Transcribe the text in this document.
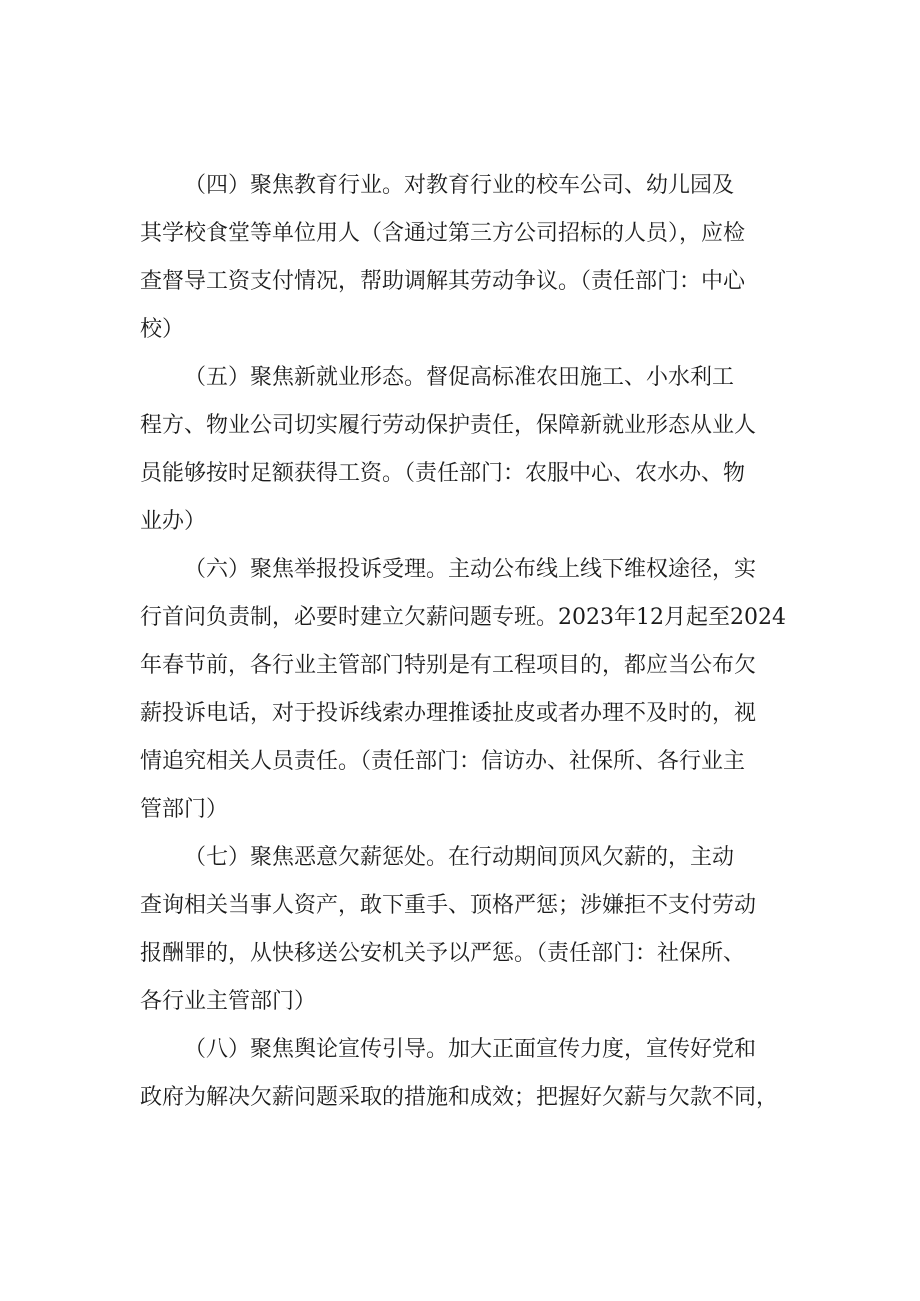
（四）聚焦教育行业。对教育行业的校车公司、幼儿园及
其学校食堂等单位用人（含通过第三方公司招标的人员），应检
查督导工资支付情况，帮助调解其劳动争议。（责任部门：中心
校）

（五）聚焦新就业形态。督促高标准农田施工、小水利工
程方、物业公司切实履行劳动保护责任，保障新就业形态从业人
员能够按时足额获得工资。（责任部门：农服中心、农水办、物
业办）

（六）聚焦举报投诉受理。主动公布线上线下维权途径，实
行首问负责制，必要时建立欠薪问题专班。2023年12月起至2024
年春节前，各行业主管部门特别是有工程项目的，都应当公布欠
薪投诉电话，对于投诉线索办理推诿扯皮或者办理不及时的，视
情追究相关人员责任。（责任部门：信访办、社保所、各行业主
管部门）

（七）聚焦恶意欠薪惩处。在行动期间顶风欠薪的，主动
查询相关当事人资产，敢下重手、顶格严惩；涉嫌拒不支付劳动
报酬罪的，从快移送公安机关予以严惩。（责任部门：社保所、
各行业主管部门）

（八）聚焦舆论宣传引导。加大正面宣传力度，宣传好党和
政府为解决欠薪问题采取的措施和成效；把握好欠薪与欠款不同，
